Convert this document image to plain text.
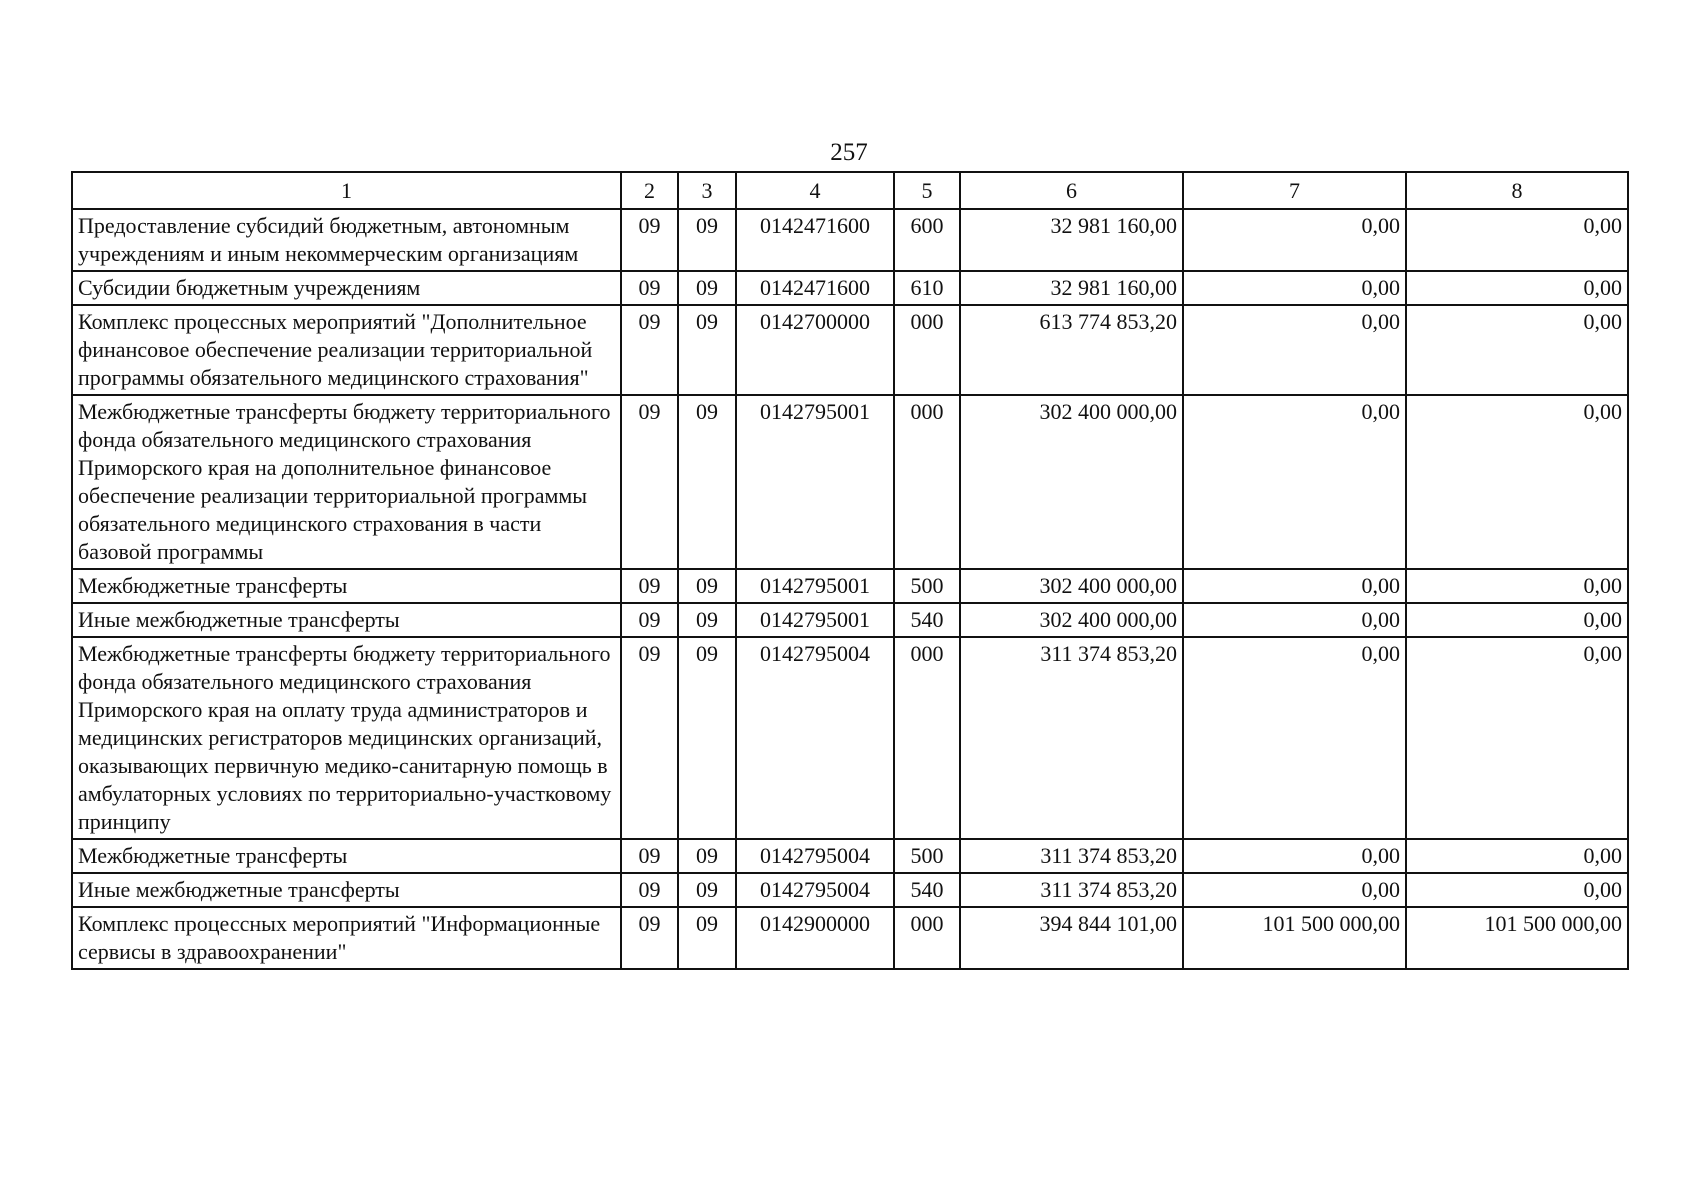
257
1	2	3	4	5	6	7	8
Предоставление субсидий бюджетным, автономным учреждениям и иным некоммерческим организациям	09	09	0142471600	600	32 981 160,00	0,00	0,00
Субсидии бюджетным учреждениям	09	09	0142471600	610	32 981 160,00	0,00	0,00
Комплекс процессных мероприятий "Дополнительное финансовое обеспечение реализации территориальной программы обязательного медицинского страхования"	09	09	0142700000	000	613 774 853,20	0,00	0,00
Межбюджетные трансферты бюджету территориального фонда обязательного медицинского страхования Приморского края на дополнительное финансовое обеспечение реализации территориальной программы обязательного медицинского страхования в части базовой программы	09	09	0142795001	000	302 400 000,00	0,00	0,00
Межбюджетные трансферты	09	09	0142795001	500	302 400 000,00	0,00	0,00
Иные межбюджетные трансферты	09	09	0142795001	540	302 400 000,00	0,00	0,00
Межбюджетные трансферты бюджету территориального фонда обязательного медицинского страхования Приморского края на оплату труда администраторов и медицинских регистраторов медицинских организаций, оказывающих первичную медико-санитарную помощь в амбулаторных условиях по территориально-участковому принципу	09	09	0142795004	000	311 374 853,20	0,00	0,00
Межбюджетные трансферты	09	09	0142795004	500	311 374 853,20	0,00	0,00
Иные межбюджетные трансферты	09	09	0142795004	540	311 374 853,20	0,00	0,00
Комплекс процессных мероприятий "Информационные сервисы в здравоохранении"	09	09	0142900000	000	394 844 101,00	101 500 000,00	101 500 000,00
